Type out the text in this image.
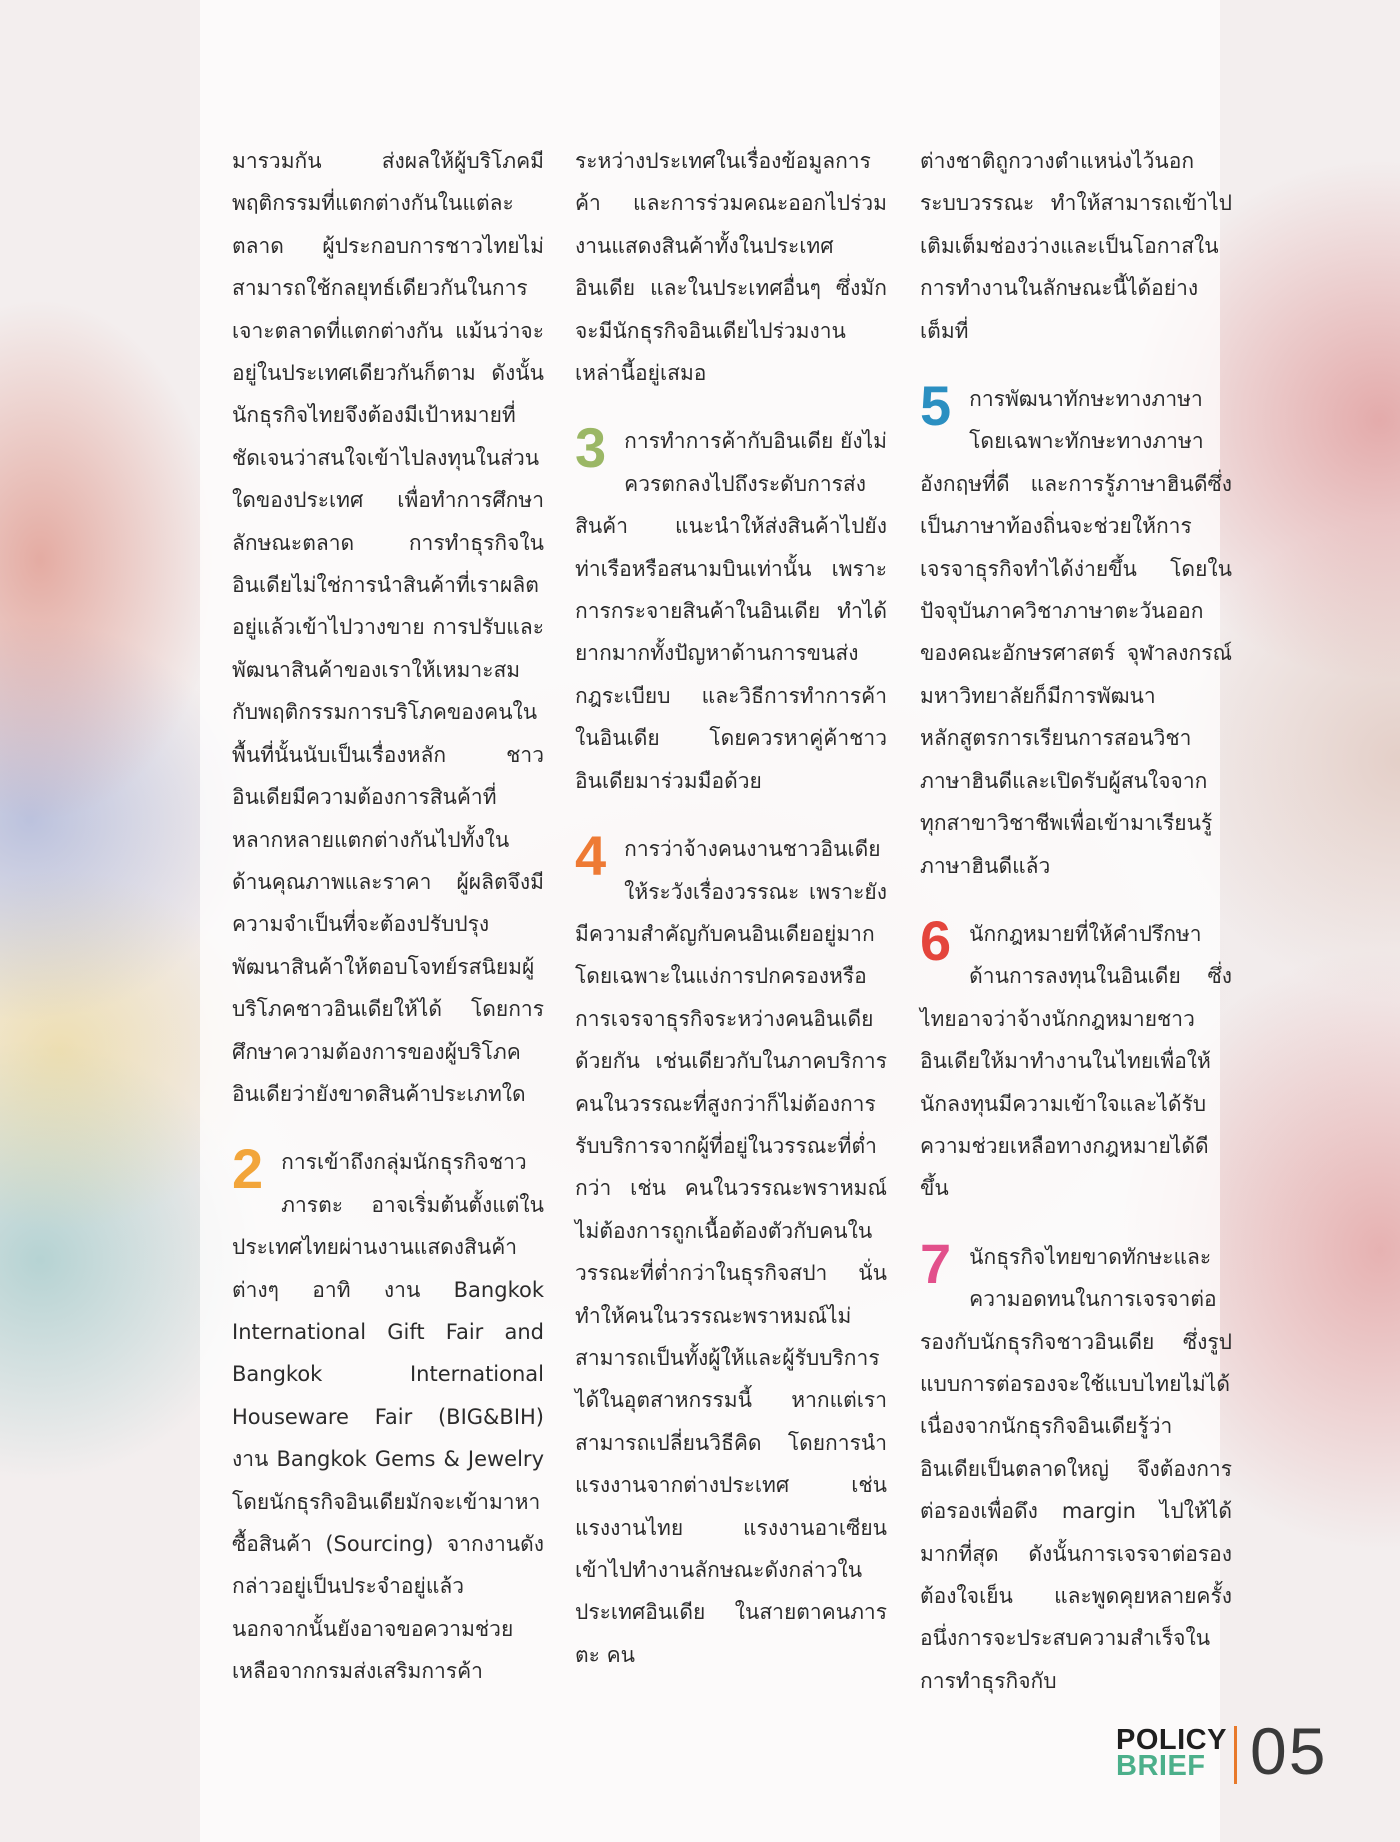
มารวมกัน ส่งผลให้ผู้บริโภคมีพฤติกรรมที่แตกต่างกันในแต่ละตลาด ผู้ประกอบการชาวไทยไม่สามารถใช้กลยุทธ์เดียวกันในการเจาะตลาดที่แตกต่างกัน แม้นว่าจะอยู่ในประเทศเดียวกันก็ตาม ดังนั้น นักธุรกิจไทยจึงต้องมีเป้าหมายที่ชัดเจนว่าสนใจเข้าไปลงทุนในส่วนใดของประเทศ เพื่อทำการศึกษาลักษณะตลาด การทำธุรกิจในอินเดียไม่ใช่การนำสินค้าที่เราผลิตอยู่แล้วเข้าไปวางขาย การปรับและพัฒนาสินค้าของเราให้เหมาะสมกับพฤติกรรมการบริโภคของคนในพื้นที่นั้นนับเป็นเรื่องหลัก ชาวอินเดียมีความต้องการสินค้าที่หลากหลายแตกต่างกันไปทั้งในด้านคุณภาพและราคา ผู้ผลิตจึงมีความจำเป็นที่จะต้องปรับปรุงพัฒนาสินค้าให้ตอบโจทย์รสนิยมผู้บริโภคชาวอินเดียให้ได้ โดยการศึกษาความต้องการของผู้บริโภคอินเดียว่ายังขาดสินค้าประเภทใด

2 การเข้าถึงกลุ่มนักธุรกิจชาวภารตะ อาจเริ่มต้นตั้งแต่ในประเทศไทยผ่านงานแสดงสินค้าต่างๆ อาทิ งาน Bangkok International Gift Fair and Bangkok International Houseware Fair (BIG&BIH) งาน Bangkok Gems & Jewelry โดยนักธุรกิจอินเดียมักจะเข้ามาหาซื้อสินค้า (Sourcing) จากงานดังกล่าวอยู่เป็นประจำอยู่แล้ว นอกจากนั้นยังอาจขอความช่วยเหลือจากกรมส่งเสริมการค้า

ระหว่างประเทศในเรื่องข้อมูลการค้า และการร่วมคณะออกไปร่วมงานแสดงสินค้าทั้งในประเทศอินเดีย และในประเทศอื่นๆ ซึ่งมักจะมีนักธุรกิจอินเดียไปร่วมงานเหล่านี้อยู่เสมอ

3 การทำการค้ากับอินเดีย ยังไม่ควรตกลงไปถึงระดับการส่งสินค้า แนะนำให้ส่งสินค้าไปยังท่าเรือหรือสนามบินเท่านั้น เพราะการกระจายสินค้าในอินเดีย ทำได้ยากมากทั้งปัญหาด้านการขนส่ง กฎระเบียบ และวิธีการทำการค้าในอินเดีย โดยควรหาคู่ค้าชาวอินเดียมาร่วมมือด้วย
4 การว่าจ้างคนงานชาวอินเดีย ให้ระวังเรื่องวรรณะ เพราะยังมีความสำคัญกับคนอินเดียอยู่มาก โดยเฉพาะในแง่การปกครองหรือการเจรจาธุรกิจระหว่างคนอินเดียด้วยกัน เช่นเดียวกับในภาคบริการ คนในวรรณะที่สูงกว่าก็ไม่ต้องการรับบริการจากผู้ที่อยู่ในวรรณะที่ต่ำกว่า เช่น คนในวรรณะพราหมณ์ไม่ต้องการถูกเนื้อต้องตัวกับคนในวรรณะที่ต่ำกว่าในธุรกิจสปา นั่นทำให้คนในวรรณะพราหมณ์ไม่สามารถเป็นทั้งผู้ให้และผู้รับบริการได้ในอุตสาหกรรมนี้ หากแต่เราสามารถเปลี่ยนวิธีคิด โดยการนำแรงงานจากต่างประเทศ เช่น แรงงานไทย แรงงานอาเซียน เข้าไปทำงานลักษณะดังกล่าวในประเทศอินเดีย ในสายตาคนภารตะ คน

ต่างชาติถูกวางตำแหน่งไว้นอกระบบวรรณะ ทำให้สามารถเข้าไปเติมเต็มช่องว่างและเป็นโอกาสในการทำงานในลักษณะนี้ได้อย่างเต็มที่

5 การพัฒนาทักษะทางภาษาโดยเฉพาะทักษะทางภาษาอังกฤษที่ดี และการรู้ภาษาฮินดีซึ่งเป็นภาษาท้องถิ่นจะช่วยให้การเจรจาธุรกิจทำได้ง่ายขึ้น โดยในปัจจุบันภาควิชาภาษาตะวันออก ของคณะอักษรศาสตร์ จุฬาลงกรณ์มหาวิทยาลัยก็มีการพัฒนาหลักสูตรการเรียนการสอนวิชาภาษาฮินดีและเปิดรับผู้สนใจจากทุกสาขาวิชาชีพเพื่อเข้ามาเรียนรู้ภาษาฮินดีแล้ว
6 นักกฎหมายที่ให้คำปรึกษาด้านการลงทุนในอินเดีย ซึ่งไทยอาจว่าจ้างนักกฎหมายชาวอินเดียให้มาทำงานในไทยเพื่อให้นักลงทุนมีความเข้าใจและได้รับความช่วยเหลือทางกฎหมายได้ดีขึ้น
7 นักธุรกิจไทยขาดทักษะและความอดทนในการเจรจาต่อรองกับนักธุรกิจชาวอินเดีย ซึ่งรูปแบบการต่อรองจะใช้แบบไทยไม่ได้ เนื่องจากนักธุรกิจอินเดียรู้ว่าอินเดียเป็นตลาดใหญ่ จึงต้องการต่อรองเพื่อดึง margin ไปให้ได้มากที่สุด ดังนั้นการเจรจาต่อรองต้องใจเย็น และพูดคุยหลายครั้ง อนึ่งการจะประสบความสำเร็จในการทำธุรกิจกับ
POLICY
BRIEF 05
